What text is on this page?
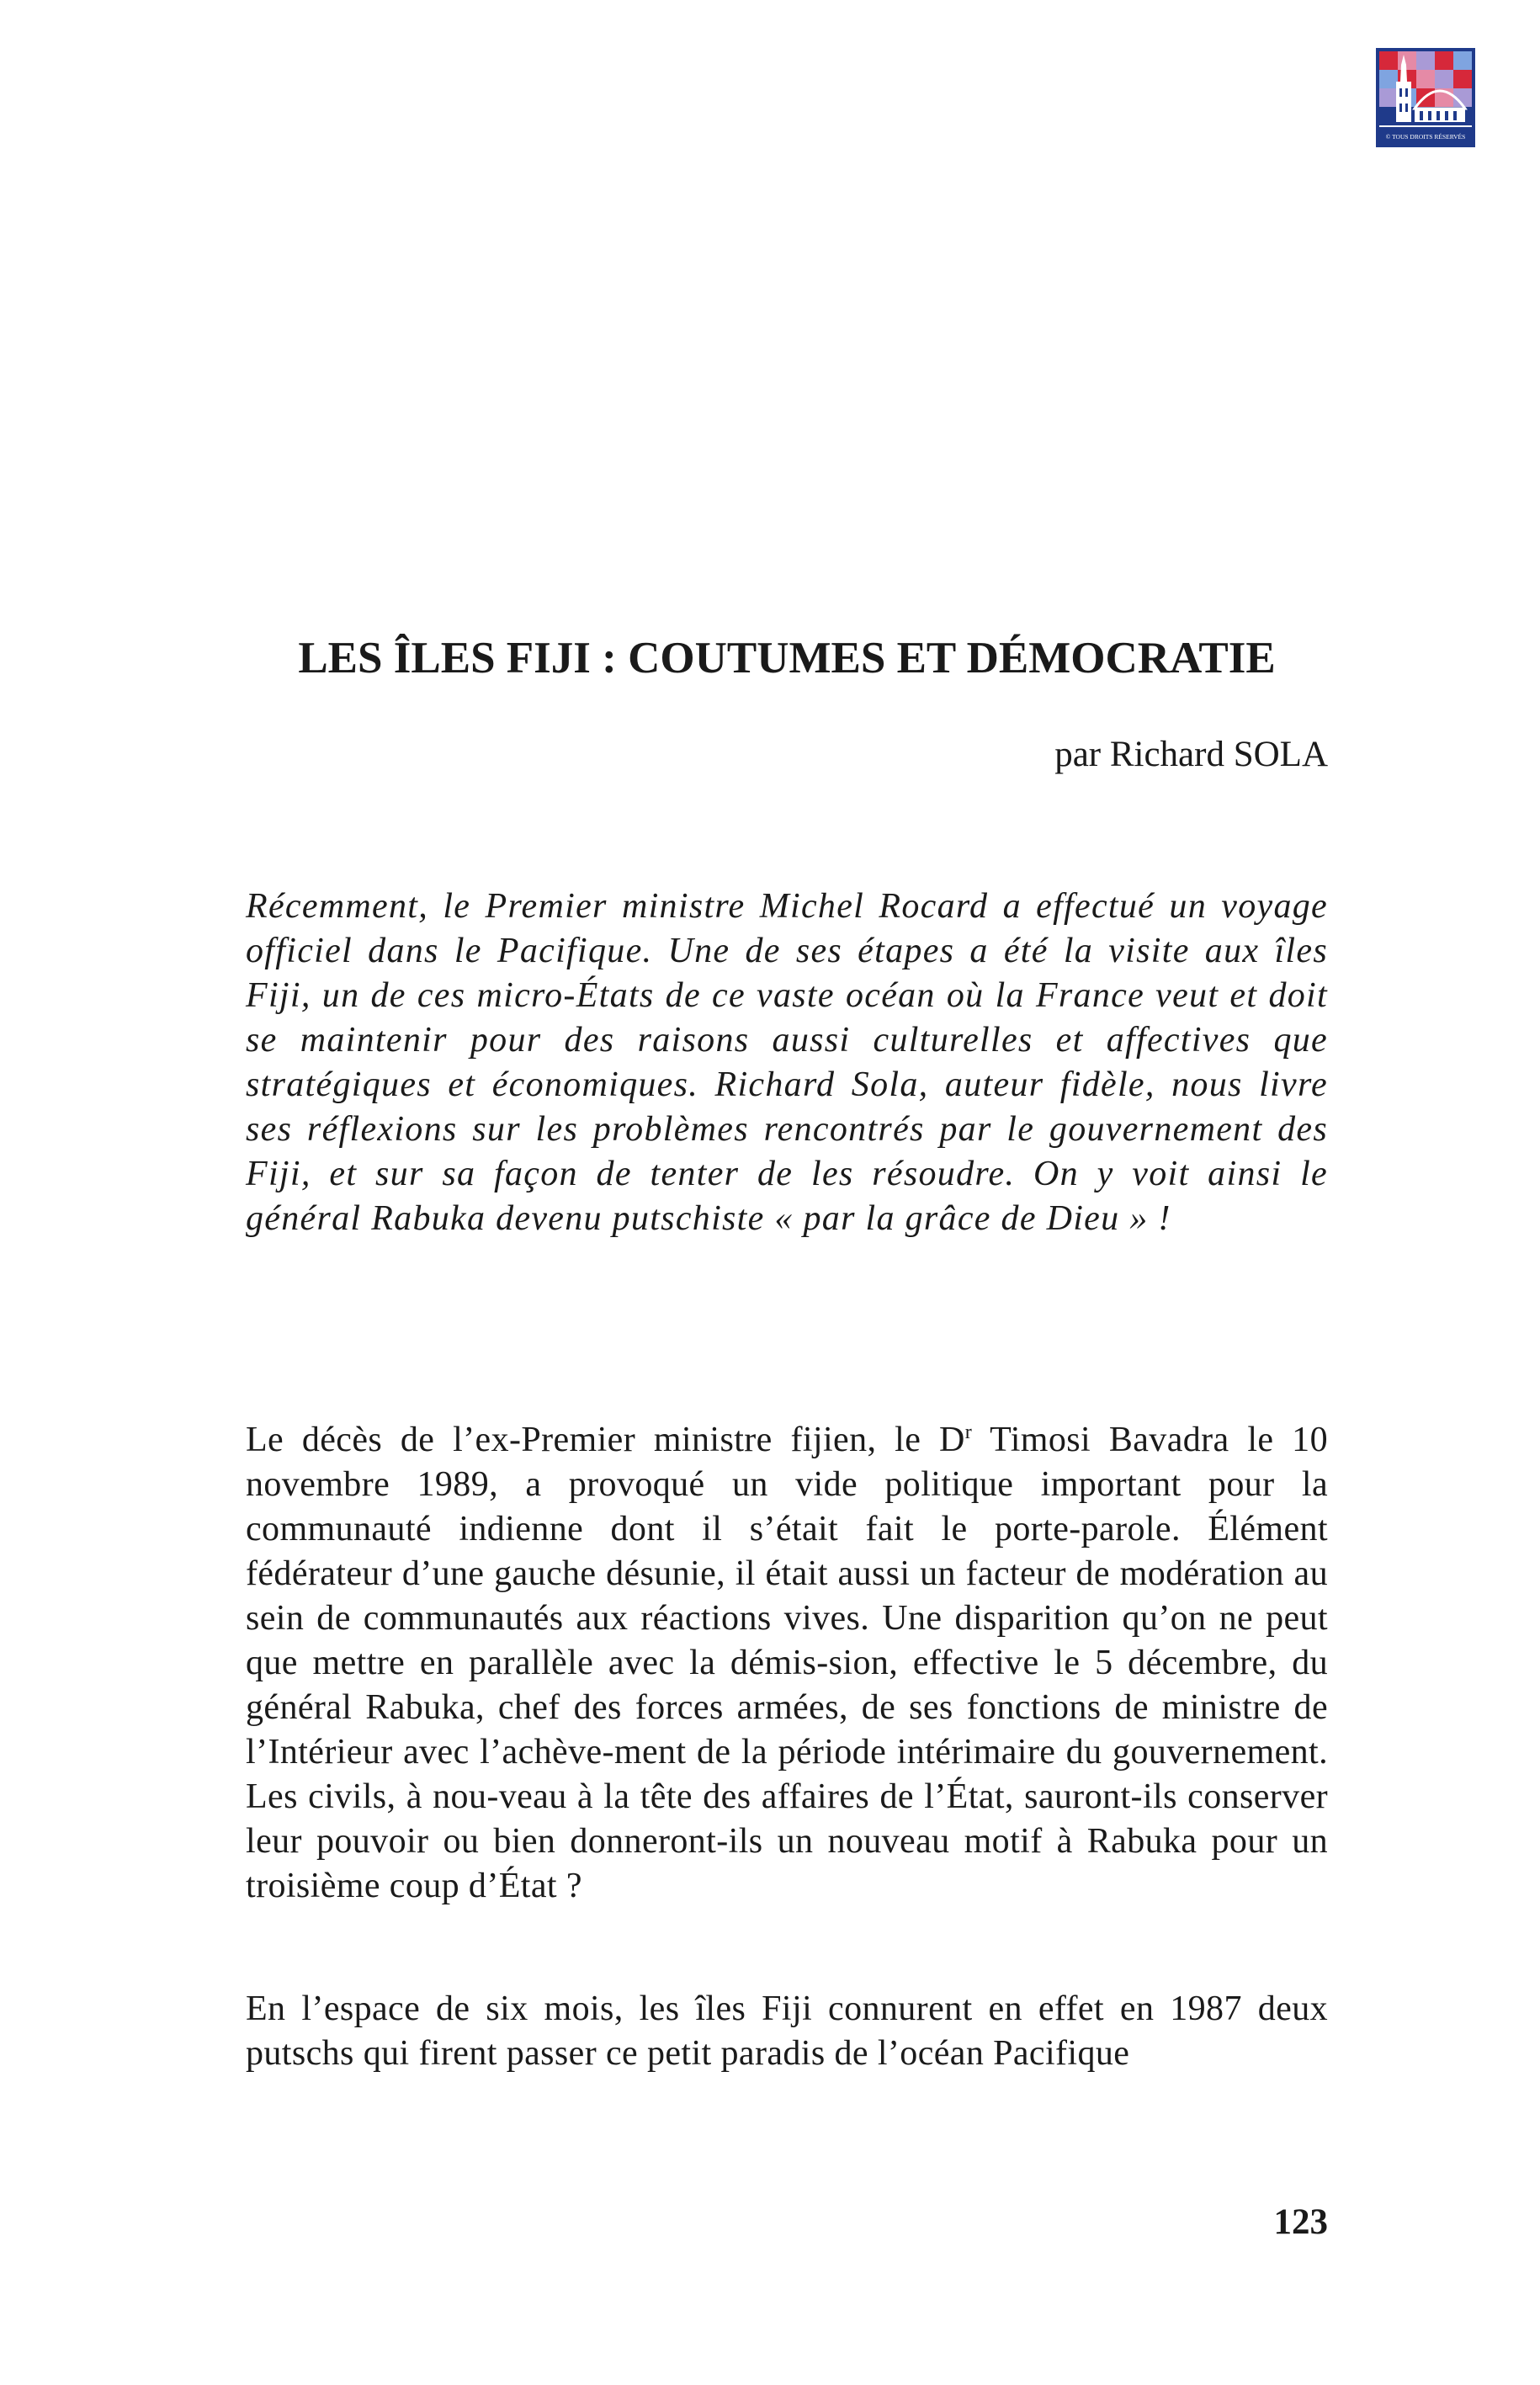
© TOUS DROITS RÉSERVÉS
LES ÎLES FIJI : COUTUMES ET DÉMOCRATIE

par Richard SOLA

Récemment, le Premier ministre Michel Rocard a effectué un voyage officiel dans le Pacifique. Une de ses étapes a été la visite aux îles Fiji, un de ces micro-États de ce vaste océan où la France veut et doit se maintenir pour des raisons aussi culturelles et affectives que stratégiques et économiques. Richard Sola, auteur fidèle, nous livre ses réflexions sur les problèmes rencontrés par le gouvernement des Fiji, et sur sa façon de tenter de les résoudre. On y voit ainsi le général Rabuka devenu putschiste « par la grâce de Dieu » !

Le décès de l’ex-Premier ministre fijien, le $D^r$ Timosi Bavadra le 10 novembre 1989, a provoqué un vide politique important pour la communauté indienne dont il s’était fait le porte-parole. Élément fédérateur d’une gauche désunie, il était aussi un facteur de modération au sein de communautés aux réactions vives. Une disparition qu’on ne peut que mettre en parallèle avec la démis-sion, effective le 5 décembre, du général Rabuka, chef des forces armées, de ses fonctions de ministre de l’Intérieur avec l’achève-ment de la période intérimaire du gouvernement. Les civils, à nou-veau à la tête des affaires de l’État, sauront-ils conserver leur pouvoir ou bien donneront-ils un nouveau motif à Rabuka pour un troisième coup d’État ?

En l’espace de six mois, les îles Fiji connurent en effet en 1987 deux putschs qui firent passer ce petit paradis de l’océan Pacifique

123
